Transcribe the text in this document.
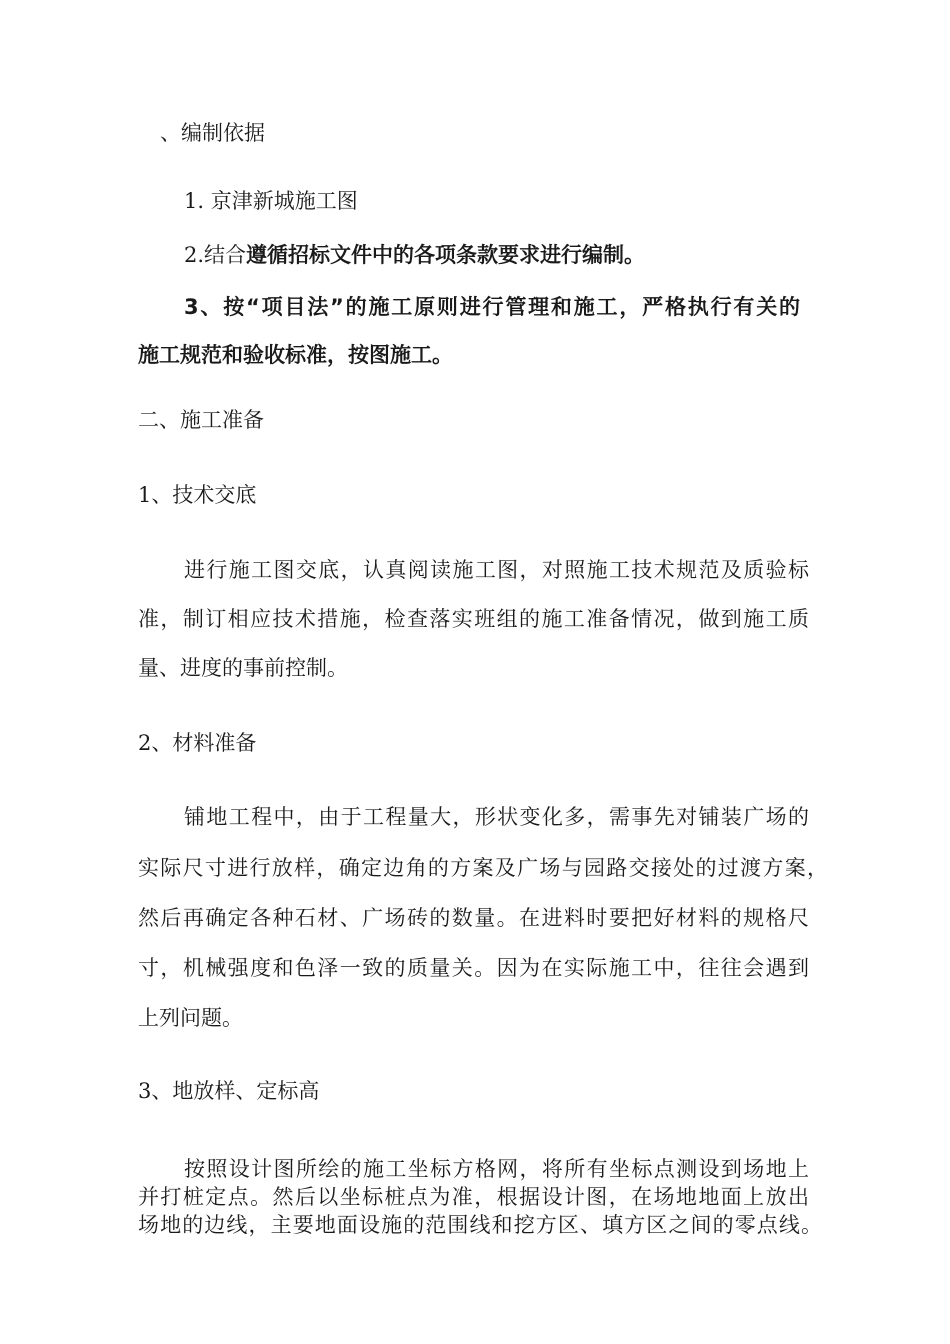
、编制依据
1. 京津新城施工图
2.结合遵循招标文件中的各项条款要求进行编制。
3、按“项目法”的施工原则进行管理和施工，严格执行有关的
施工规范和验收标准，按图施工。
二、施工准备
1、技术交底
进行施工图交底，认真阅读施工图，对照施工技术规范及质验标
准，制订相应技术措施，检查落实班组的施工准备情况，做到施工质
量、进度的事前控制。
2、材料准备
铺地工程中，由于工程量大，形状变化多，需事先对铺装广场的
实际尺寸进行放样，确定边角的方案及广场与园路交接处的过渡方案，
然后再确定各种石材、广场砖的数量。在进料时要把好材料的规格尺
寸，机械强度和色泽一致的质量关。因为在实际施工中，往往会遇到
上列问题。
3、地放样、定标高
按照设计图所绘的施工坐标方格网，将所有坐标点测设到场地上
并打桩定点。然后以坐标桩点为准，根据设计图，在场地地面上放出
场地的边线，主要地面设施的范围线和挖方区、填方区之间的零点线。
